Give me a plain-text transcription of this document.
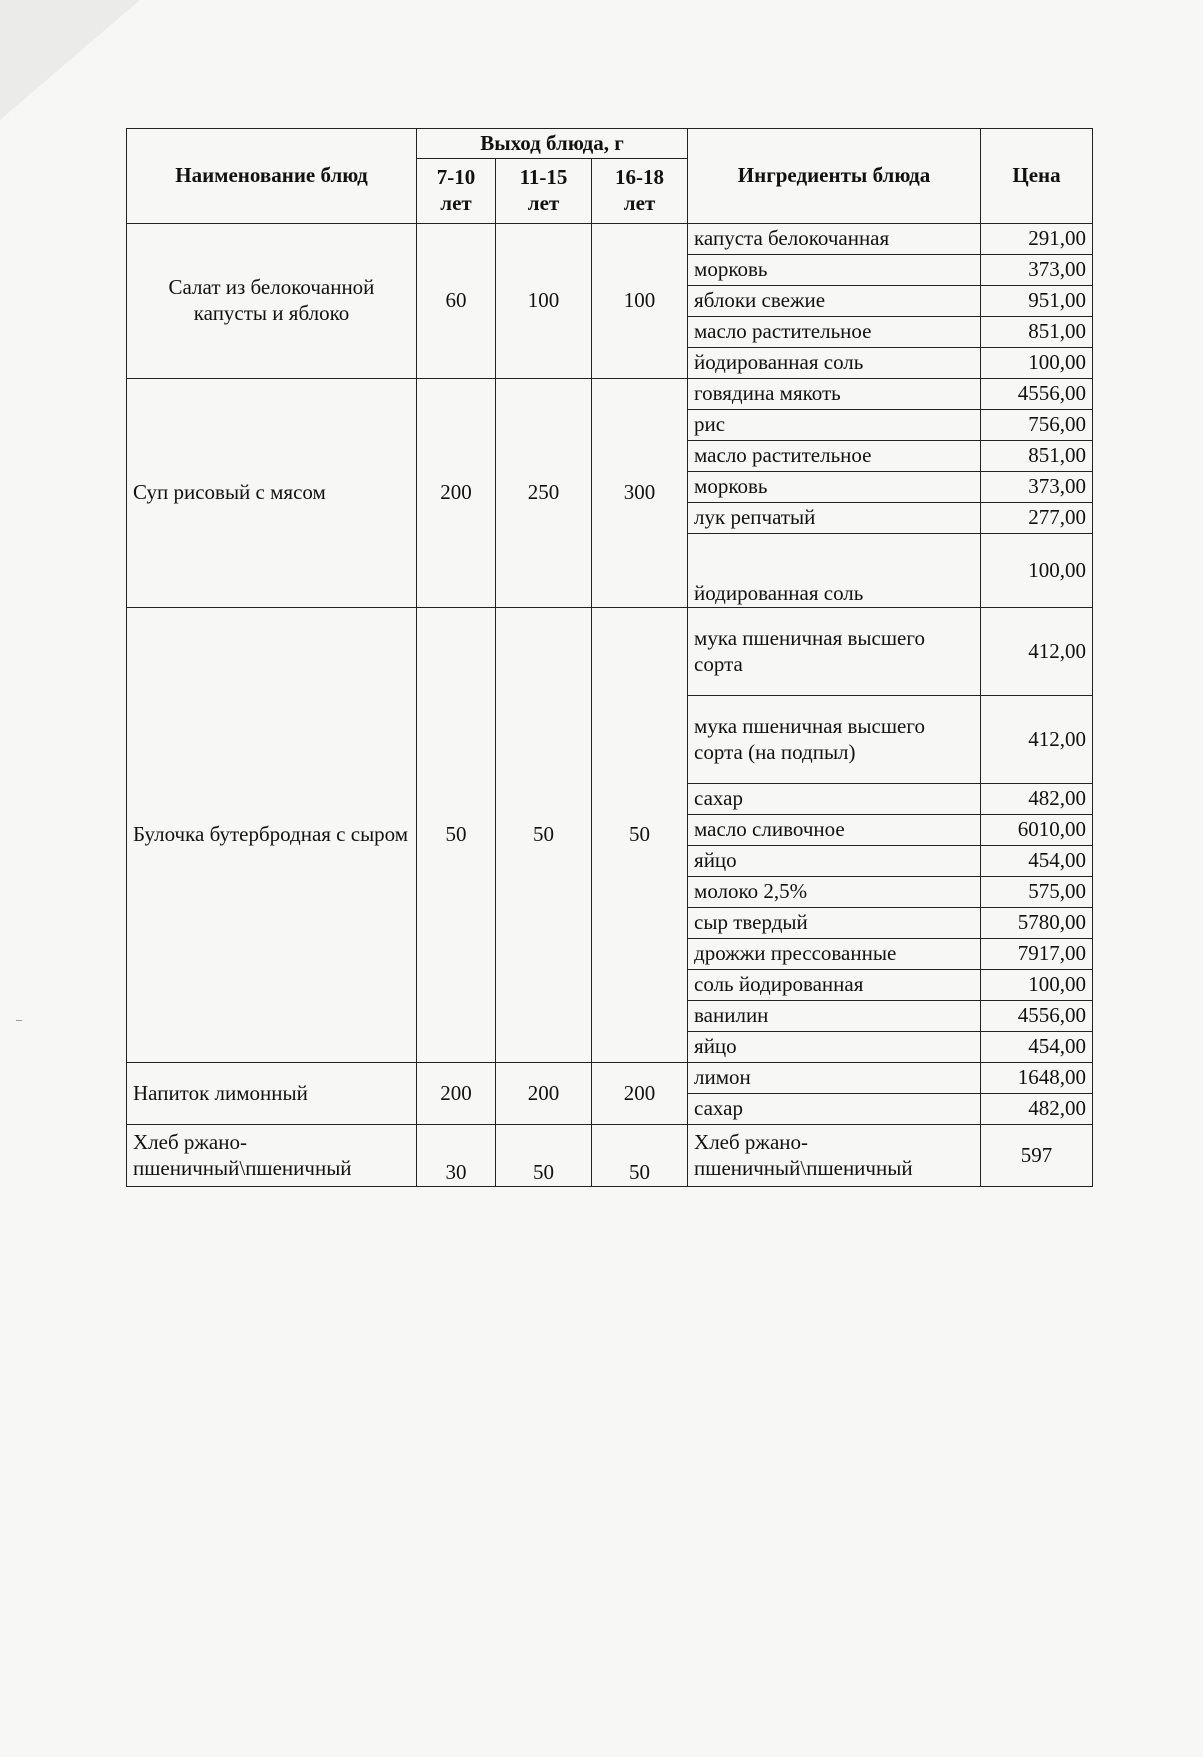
Наименование блюд	Выход блюда, г			Ингредиенты блюда	Цена
	7-10 лет	11-15 лет	16-18 лет		
Салат из белокочанной капусты и яблоко	60	100	100	капуста белокочанная	291,00
				морковь	373,00
				яблоки свежие	951,00
				масло растительное	851,00
				йодированная соль	100,00
Суп рисовый с мясом	200	250	300	говядина мякоть	4556,00
				рис	756,00
				масло растительное	851,00
				морковь	373,00
				лук репчатый	277,00
				йодированная соль	100,00
Булочка бутербродная с сыром	50	50	50	мука пшеничная высшего сорта	412,00
				мука пшеничная высшего сорта (на подпыл)	412,00
				сахар	482,00
				масло сливочное	6010,00
				яйцо	454,00
				молоко 2,5%	575,00
				сыр твердый	5780,00
				дрожжи прессованные	7917,00
				соль йодированная	100,00
				ванилин	4556,00
				яйцо	454,00
Напиток лимонный	200	200	200	лимон	1648,00
				сахар	482,00
Хлеб ржано-пшеничный\пшеничный	30	50	50	Хлеб ржано-пшеничный\пшеничный	597
